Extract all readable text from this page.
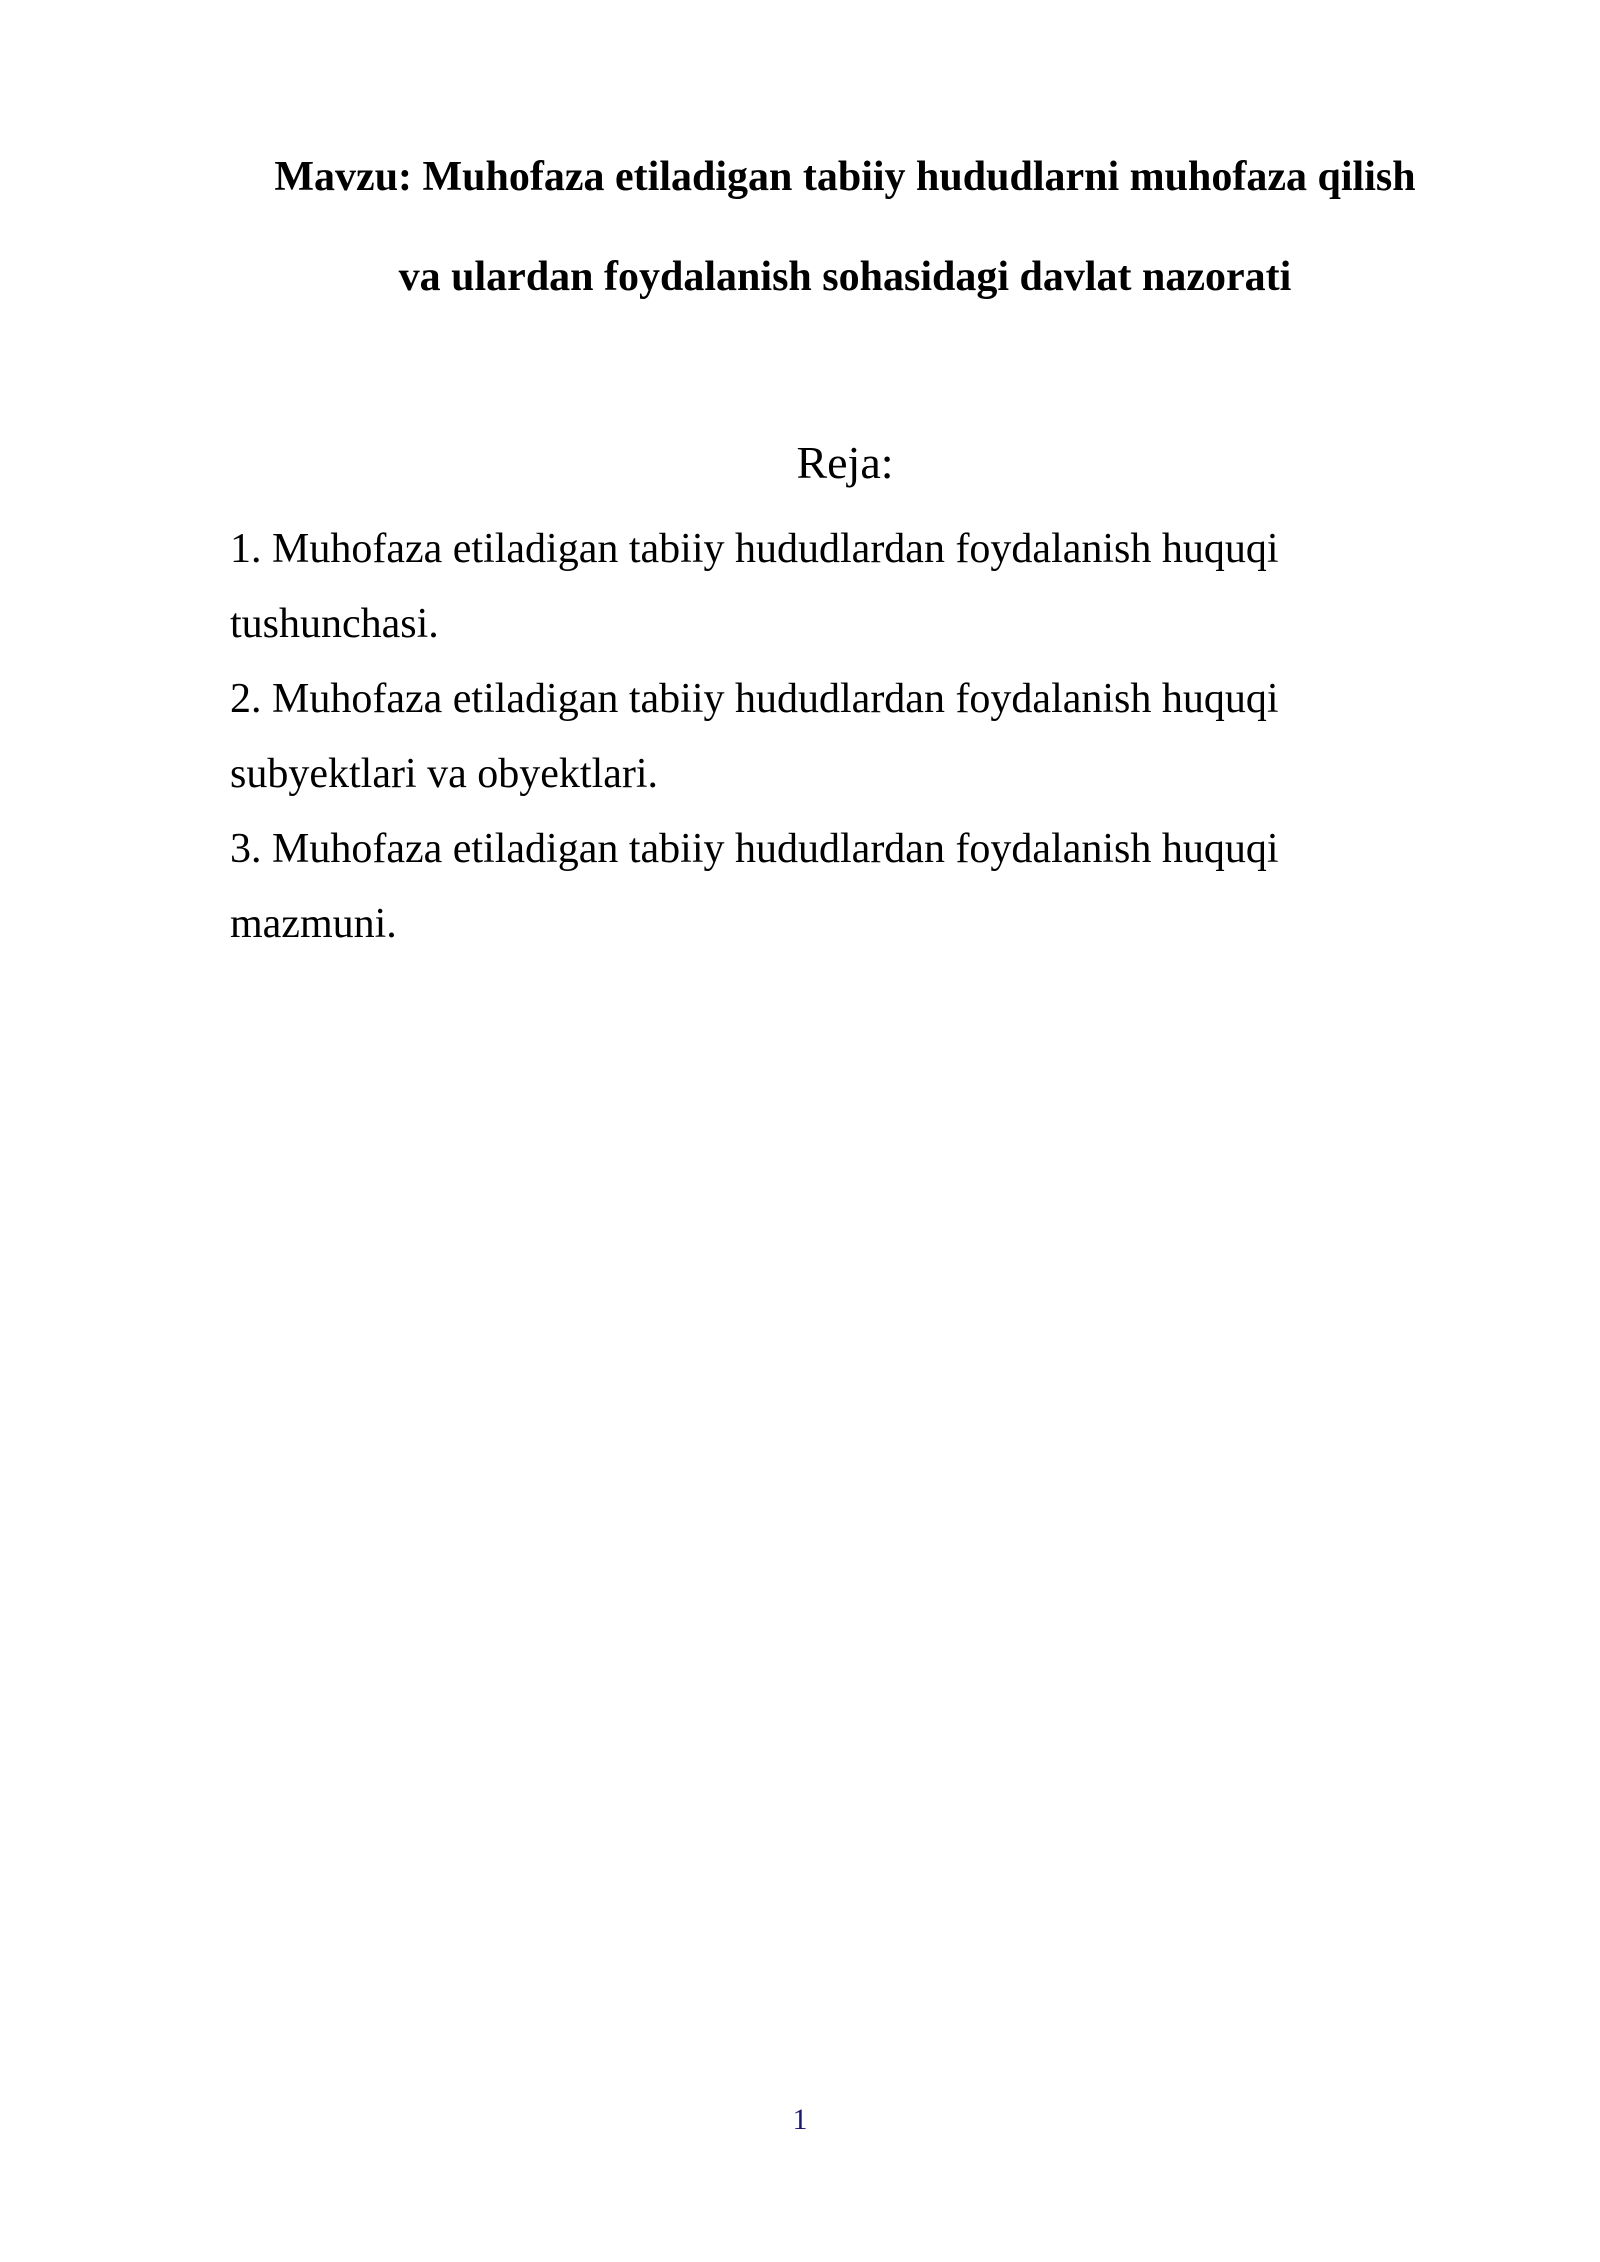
Mavzu: Muhofaza etiladigan tabiiy hududlarni muhofaza qilish
va ulardan foydalanish sohasidagi davlat nazorati
Reja:
1. Muhofaza etiladigan tabiiy hududlardan foydalanish huquqi
tushunchasi.
2. Muhofaza etiladigan tabiiy hududlardan foydalanish huquqi
subyektlari va obyektlari.
3. Muhofaza etiladigan tabiiy hududlardan foydalanish huquqi
mazmuni.
1
